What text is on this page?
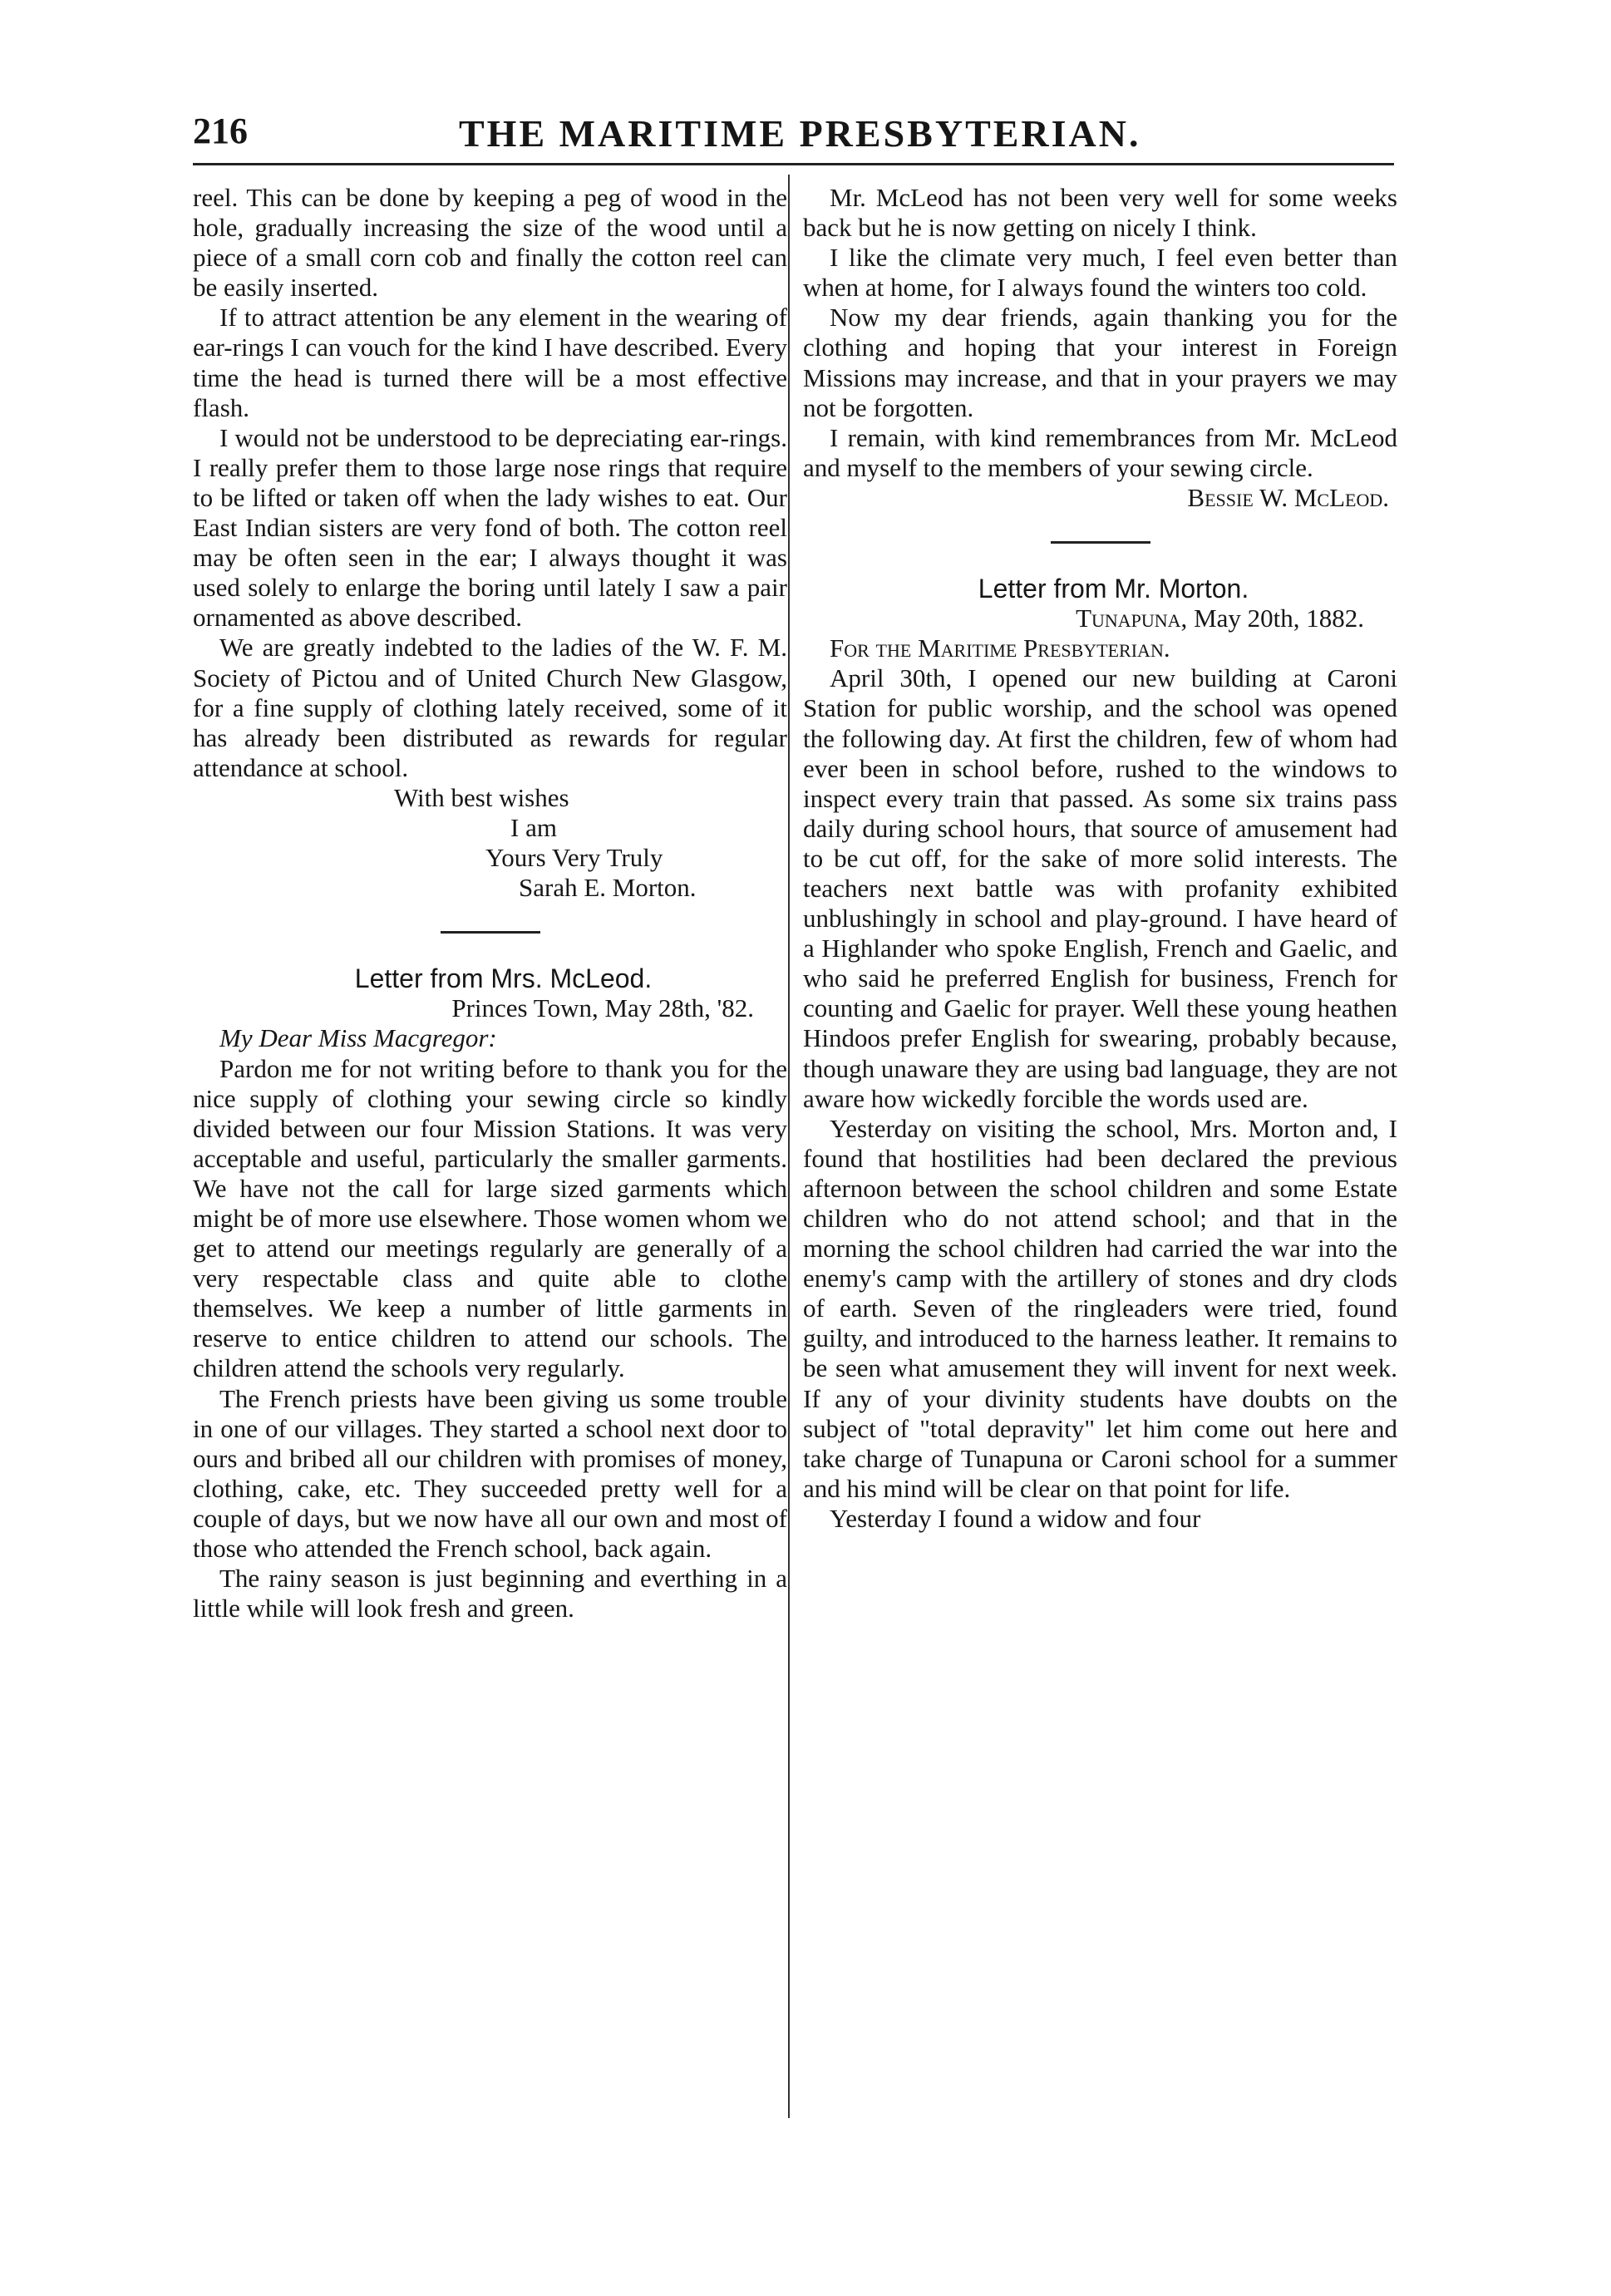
216	THE MARITIME PRESBYTERIAN.

reel. This can be done by keeping a peg of wood in the hole, gradually increasing the size of the wood until a piece of a small corn cob and finally the cotton reel can be easily inserted.

If to attract attention be any element in the wearing of ear-rings I can vouch for the kind I have described. Every time the head is turned there will be a most effective flash.

I would not be understood to be depreciating ear-rings. I really prefer them to those large nose rings that require to be lifted or taken off when the lady wishes to eat. Our East Indian sisters are very fond of both. The cotton reel may be often seen in the ear; I always thought it was used solely to enlarge the boring until lately I saw a pair ornamented as above described.

We are greatly indebted to the ladies of the W. F. M. Society of Pictou and of United Church New Glasgow, for a fine supply of clothing lately received, some of it has already been distributed as rewards for regular attendance at school.

With best wishes

I am

Yours Very Truly

Sarah E. Morton.

Letter from Mrs. McLeod.

Princes Town, May 28th, '82.

My Dear Miss Macgregor:

Pardon me for not writing before to thank you for the nice supply of clothing your sewing circle so kindly divided between our four Mission Stations. It was very acceptable and useful, particularly the smaller garments. We have not the call for large sized garments which might be of more use elsewhere. Those women whom we get to attend our meetings regularly are generally of a very respectable class and quite able to clothe themselves. We keep a number of little garments in reserve to entice children to attend our schools. The children attend the schools very regularly.

The French priests have been giving us some trouble in one of our villages. They started a school next door to ours and bribed all our children with promises of money, clothing, cake, etc. They succeeded pretty well for a couple of days, but we now have all our own and most of those who attended the French school, back again.

The rainy season is just beginning and everthing in a little while will look fresh and green.

Mr. McLeod has not been very well for some weeks back but he is now getting on nicely I think.

I like the climate very much, I feel even better than when at home, for I always found the winters too cold.

Now my dear friends, again thanking you for the clothing and hoping that your interest in Foreign Missions may increase, and that in your prayers we may not be forgotten.

I remain, with kind remembrances from Mr. McLeod and myself to the members of your sewing circle.

Bessie W. McLeod.

Letter from Mr. Morton.

Tunapuna, May 20th, 1882.

For the Maritime Presbyterian.

April 30th, I opened our new building at Caroni Station for public worship, and the school was opened the following day. At first the children, few of whom had ever been in school before, rushed to the windows to inspect every train that passed. As some six trains pass daily during school hours, that source of amusement had to be cut off, for the sake of more solid interests. The teachers next battle was with profanity exhibited unblushingly in school and play-ground. I have heard of a Highlander who spoke English, French and Gaelic, and who said he preferred English for business, French for counting and Gaelic for prayer. Well these young heathen Hindoos prefer English for swearing, probably because, though unaware they are using bad language, they are not aware how wickedly forcible the words used are.

Yesterday on visiting the school, Mrs. Morton and, I found that hostilities had been declared the previous afternoon between the school children and some Estate children who do not attend school; and that in the morning the school children had carried the war into the enemy's camp with the artillery of stones and dry clods of earth. Seven of the ringleaders were tried, found guilty, and introduced to the harness leather. It remains to be seen what amusement they will invent for next week. If any of your divinity students have doubts on the subject of "total depravity" let him come out here and take charge of Tunapuna or Caroni school for a summer and his mind will be clear on that point for life.

Yesterday I found a widow and four
